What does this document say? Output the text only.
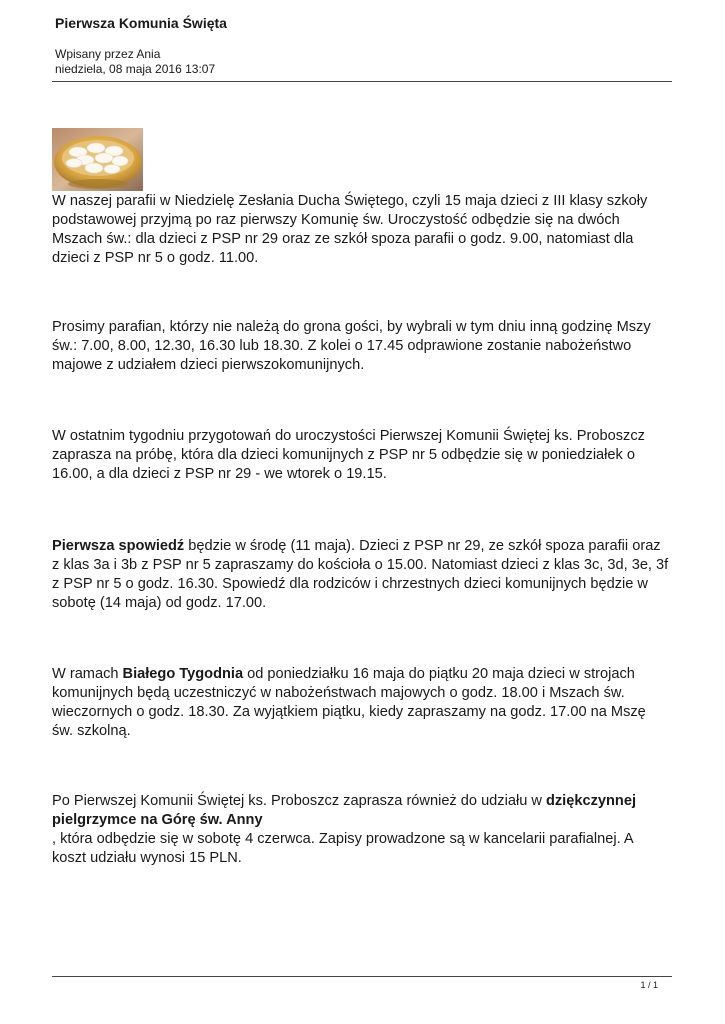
Pierwsza Komunia Święta
Wpisany przez Ania
niedziela, 08 maja 2016 13:07
W naszej parafii w Niedzielę Zesłania Ducha Świętego, czyli 15 maja dzieci z III klasy szkoły
podstawowej przyjmą po raz pierwszy Komunię św. Uroczystość odbędzie się na dwóch
Mszach św.: dla dzieci z PSP nr 29 oraz ze szkół spoza parafii o godz. 9.00, natomiast dla
dzieci z PSP nr 5 o godz. 11.00.
Prosimy parafian, którzy nie należą do grona gości, by wybrali w tym dniu inną godzinę Mszy
św.: 7.00, 8.00, 12.30, 16.30 lub 18.30. Z kolei o 17.45 odprawione zostanie nabożeństwo
majowe z udziałem dzieci pierwszokomunijnych.
W ostatnim tygodniu przygotowań do uroczystości Pierwszej Komunii Świętej ks. Proboszcz
zaprasza na próbę, która dla dzieci komunijnych z PSP nr 5 odbędzie się w poniedziałek o
16.00, a dla dzieci z PSP nr 29 - we wtorek o 19.15.
Pierwsza spowiedź będzie w środę (11 maja). Dzieci z PSP nr 29, ze szkół spoza parafii oraz
z klas 3a i 3b z PSP nr 5 zapraszamy do kościoła o 15.00. Natomiast dzieci z klas 3c, 3d, 3e, 3f
z PSP nr 5 o godz. 16.30. Spowiedź dla rodziców i chrzestnych dzieci komunijnych będzie w
sobotę (14 maja) od godz. 17.00.
W ramach Białego Tygodnia od poniedziałku 16 maja do piątku 20 maja dzieci w strojach
komunijnych będą uczestniczyć w nabożeństwach majowych o godz. 18.00 i Mszach św.
wieczornych o godz. 18.30. Za wyjątkiem piątku, kiedy zapraszamy na godz. 17.00 na Mszę
św. szkolną.
Po Pierwszej Komunii Świętej ks. Proboszcz zaprasza również do udziału w dziękczynnej
pielgrzymce na Górę św. Anny
, która odbędzie się w sobotę 4 czerwca. Zapisy prowadzone są w kancelarii parafialnej. A
koszt udziału wynosi 15 PLN.
1 / 1
